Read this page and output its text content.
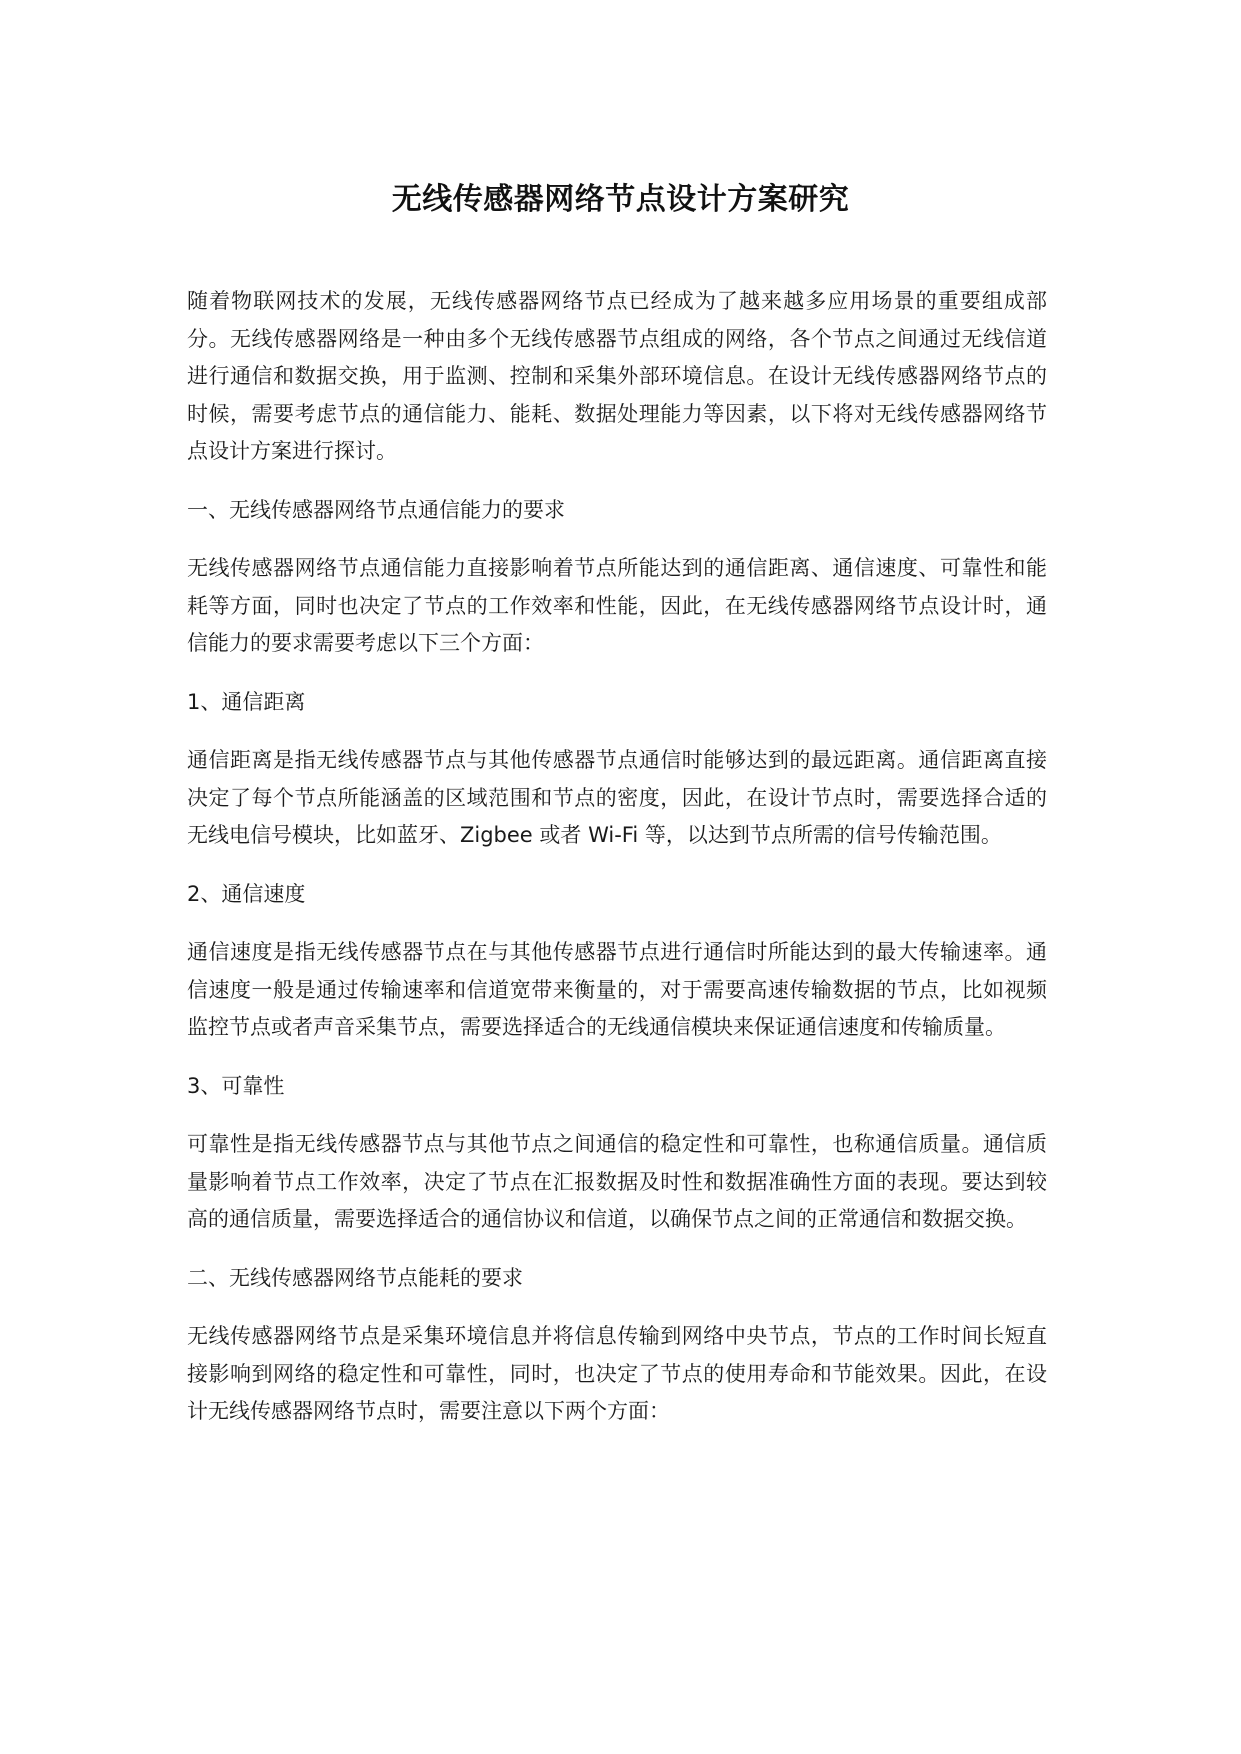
无线传感器网络节点设计方案研究

随着物联网技术的发展，无线传感器网络节点已经成为了越来越多应用场景的重要组成部分。无线传感器网络是一种由多个无线传感器节点组成的网络，各个节点之间通过无线信道进行通信和数据交换，用于监测、控制和采集外部环境信息。在设计无线传感器网络节点的时候，需要考虑节点的通信能力、能耗、数据处理能力等因素，以下将对无线传感器网络节点设计方案进行探讨。

一、无线传感器网络节点通信能力的要求

无线传感器网络节点通信能力直接影响着节点所能达到的通信距离、通信速度、可靠性和能耗等方面，同时也决定了节点的工作效率和性能，因此，在无线传感器网络节点设计时，通信能力的要求需要考虑以下三个方面：

1、通信距离

通信距离是指无线传感器节点与其他传感器节点通信时能够达到的最远距离。通信距离直接决定了每个节点所能涵盖的区域范围和节点的密度，因此，在设计节点时，需要选择合适的无线电信号模块，比如蓝牙、Zigbee 或者 Wi-Fi 等，以达到节点所需的信号传输范围。

2、通信速度

通信速度是指无线传感器节点在与其他传感器节点进行通信时所能达到的最大传输速率。通信速度一般是通过传输速率和信道宽带来衡量的，对于需要高速传输数据的节点，比如视频监控节点或者声音采集节点，需要选择适合的无线通信模块来保证通信速度和传输质量。

3、可靠性

可靠性是指无线传感器节点与其他节点之间通信的稳定性和可靠性，也称通信质量。通信质量影响着节点工作效率，决定了节点在汇报数据及时性和数据准确性方面的表现。要达到较高的通信质量，需要选择适合的通信协议和信道，以确保节点之间的正常通信和数据交换。

二、无线传感器网络节点能耗的要求

无线传感器网络节点是采集环境信息并将信息传输到网络中央节点，节点的工作时间长短直接影响到网络的稳定性和可靠性，同时，也决定了节点的使用寿命和节能效果。因此，在设计无线传感器网络节点时，需要注意以下两个方面：
